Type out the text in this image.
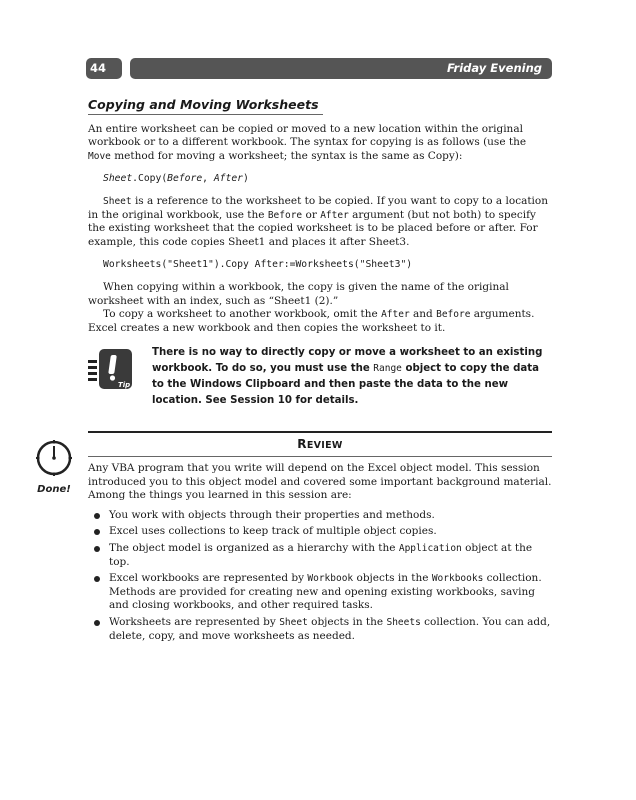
44	Friday Evening
Copying and Moving Worksheets

An entire worksheet can be copied or moved to a new location within the original workbook or to a different workbook. The syntax for copying is as follows (use the Move method for moving a worksheet; the syntax is the same as Copy):

Sheet.Copy(Before, After)

Sheet is a reference to the worksheet to be copied. If you want to copy to a location in the original workbook, use the Before or After argument (but not both) to specify the existing worksheet that the copied worksheet is to be placed before or after. For example, this code copies Sheet1 and places it after Sheet3.

Worksheets("Sheet1").Copy After:=Worksheets("Sheet3")

When copying within a workbook, the copy is given the name of the original worksheet with an index, such as “Sheet1 (2).”

To copy a worksheet to another workbook, omit the After and Before arguments. Excel creates a new workbook and then copies the worksheet to it.

Tip
There is no way to directly copy or move a worksheet to an existing workbook. To do so, you must use the Range object to copy the data to the Windows Clipboard and then paste the data to the new location. See Session 10 for details.
REVIEW

Any VBA program that you write will depend on the Excel object model. This session introduced you to this object model and covered some important background material. Among the things you learned in this session are:

You work with objects through their properties and methods.
Excel uses collections to keep track of multiple object copies.
The object model is organized as a hierarchy with the Application object at the top.
Excel workbooks are represented by Workbook objects in the Workbooks collection. Methods are provided for creating new and opening existing workbooks, saving and closing workbooks, and other required tasks.
Worksheets are represented by Sheet objects in the Sheets collection. You can add, delete, copy, and move worksheets as needed.
Done!
